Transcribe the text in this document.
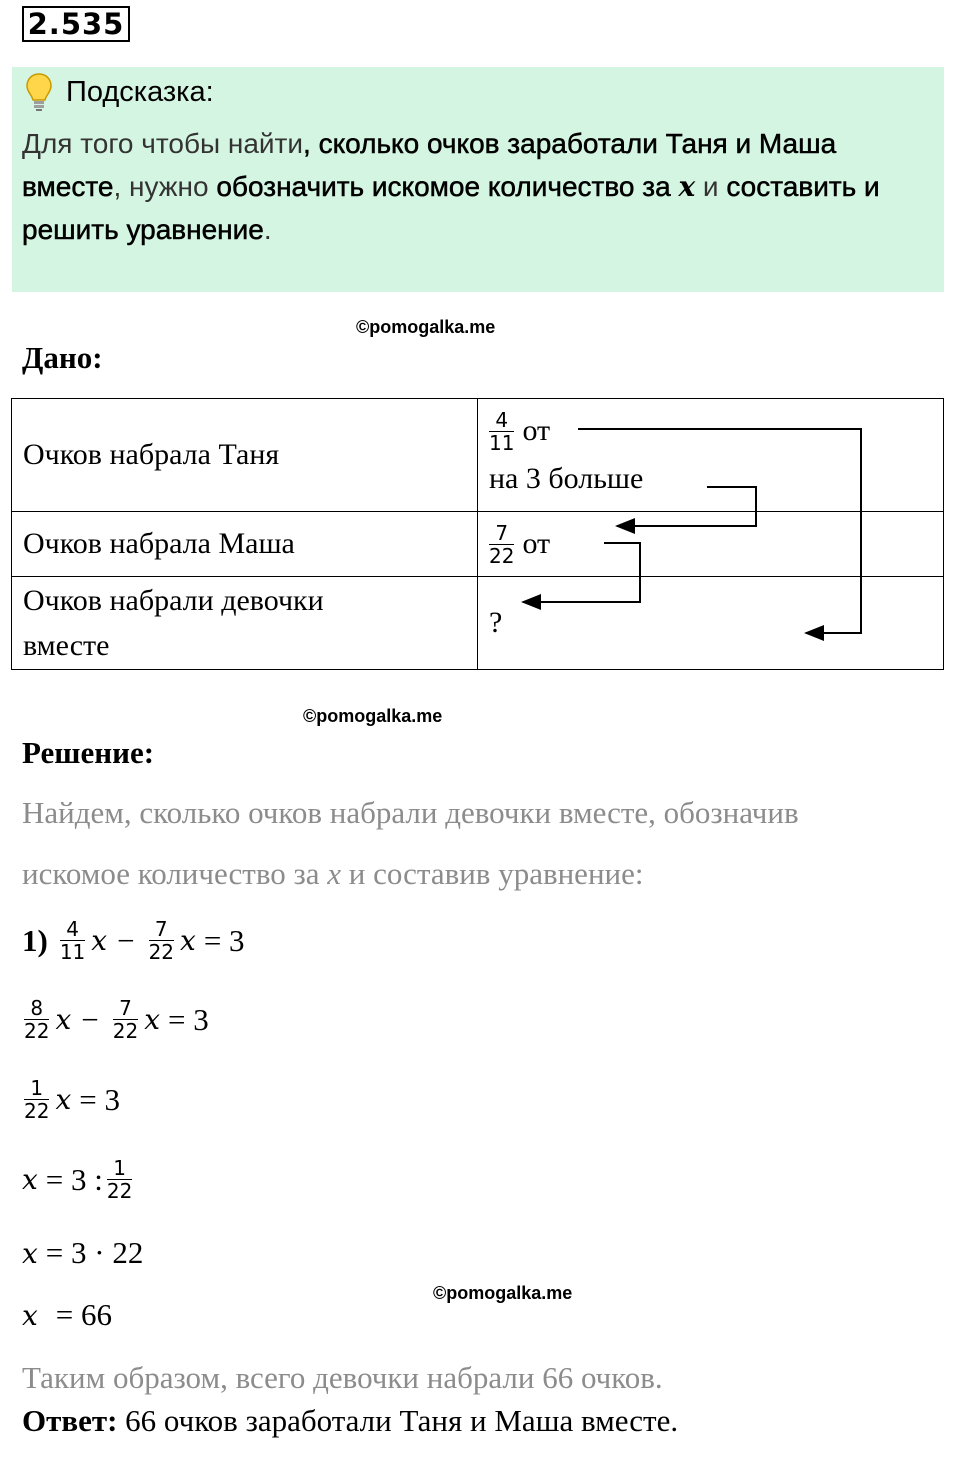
2.535
Подсказка:
Для того чтобы найти, сколько очков заработали Таня и Маша вместе, нужно обозначить искомое количество за x и составить и решить уравнение.
©pomogalka.me
Дано:
Очков набрала Таня	$\frac{4}{11}$ от
на 3 больше

Очков набрала Маша	$\frac{7}{22}$ от

Очков набрали девочки
вместе	?
©pomogalka.me
Решение:
Найдем, сколько очков набрали девочки вместе, обозначив
искомое количество за x и составив уравнение:
$1) \frac{4}{11}$ $x - \frac{7}{22}$ x = 3
$\frac{8}{22}$ $x - \frac{7}{22}$ x = 3
$\frac{1}{22}$ x = 3
x = 3 : $\frac{1}{22}$
x = 3 · 22
©pomogalka.me
x = 66
Таким образом, всего девочки набрали 66 очков.
Ответ: 66 очков заработали Таня и Маша вместе.
